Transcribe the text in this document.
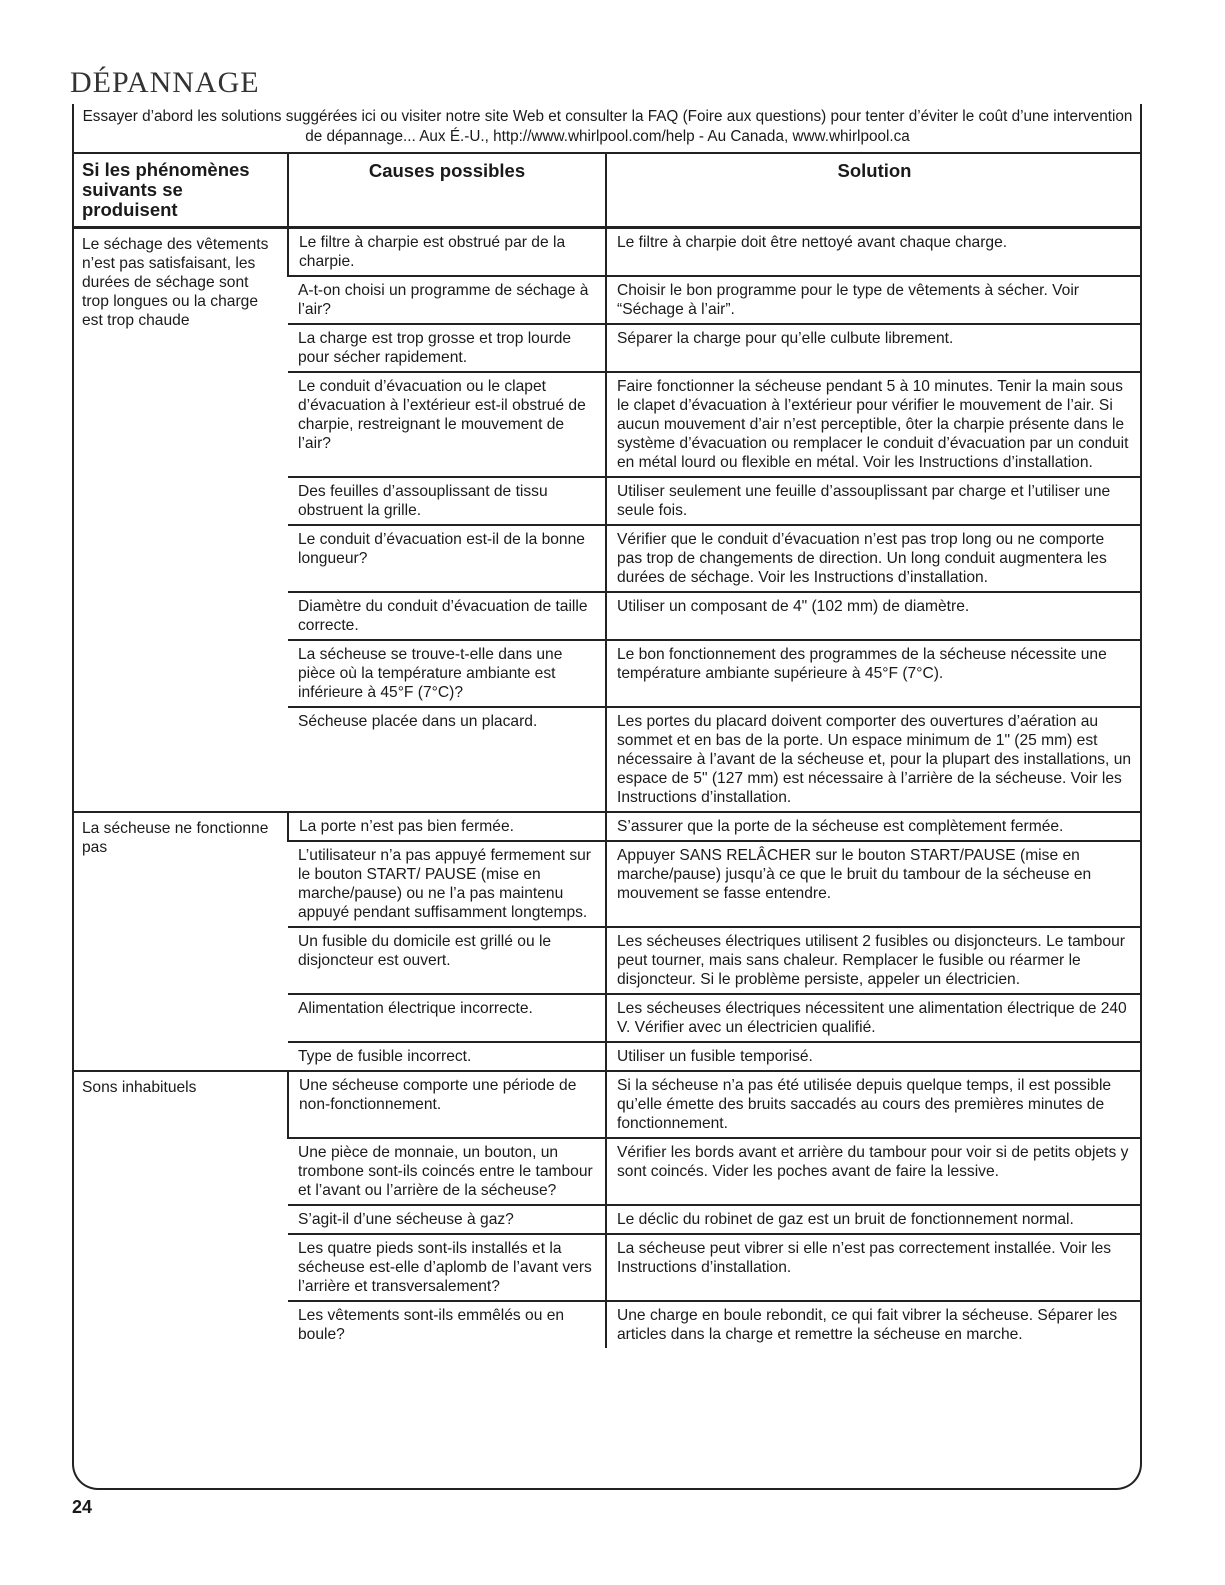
DÉPANNAGE
Essayer d’abord les solutions suggérées ici ou visiter notre site Web et consulter la FAQ (Foire aux questions) pour tenter d’éviter le coût d’une intervention de dépannage... Aux É.-U., http://www.whirlpool.com/help - Au Canada, www.whirlpool.ca
Si les phénomènes suivants se produisent	Causes possibles	Solution
Le séchage des vêtements n’est pas satisfaisant, les durées de séchage sont trop longues ou la charge est trop chaude	Le filtre à charpie est obstrué par de la charpie.	Le filtre à charpie doit être nettoyé avant chaque charge.
	A-t-on choisi un programme de séchage à l’air?	Choisir le bon programme pour le type de vêtements à sécher. Voir “Séchage à l’air”.
	La charge est trop grosse et trop lourde pour sécher rapidement.	Séparer la charge pour qu’elle culbute librement.
	Le conduit d’évacuation ou le clapet d’évacuation à l’extérieur est-il obstrué de charpie, restreignant le mouvement de l’air?	Faire fonctionner la sécheuse pendant 5 à 10 minutes. Tenir la main sous le clapet d’évacuation à l’extérieur pour vérifier le mouvement de l’air. Si aucun mouvement d’air n’est perceptible, ôter la charpie présente dans le système d’évacuation ou remplacer le conduit d’évacuation par un conduit en métal lourd ou flexible en métal. Voir les Instructions d’installation.
	Des feuilles d’assouplissant de tissu obstruent la grille.	Utiliser seulement une feuille d’assouplissant par charge et l’utiliser une seule fois.
	Le conduit d’évacuation est-il de la bonne longueur?	Vérifier que le conduit d’évacuation n’est pas trop long ou ne comporte pas trop de changements de direction. Un long conduit augmentera les durées de séchage. Voir les Instructions d’installation.
	Diamètre du conduit d’évacuation de taille correcte.	Utiliser un composant de 4" (102 mm) de diamètre.
	La sécheuse se trouve-t-elle dans une pièce où la température ambiante est inférieure à 45°F (7°C)?	Le bon fonctionnement des programmes de la sécheuse nécessite une température ambiante supérieure à 45°F (7°C).
	Sécheuse placée dans un placard.	Les portes du placard doivent comporter des ouvertures d’aération au sommet et en bas de la porte. Un espace minimum de 1" (25 mm) est nécessaire à l’avant de la sécheuse et, pour la plupart des installations, un espace de 5" (127 mm) est nécessaire à l’arrière de la sécheuse. Voir les Instructions d’installation.
La sécheuse ne fonctionne pas	La porte n’est pas bien fermée.	S’assurer que la porte de la sécheuse est complètement fermée.
	L’utilisateur n’a pas appuyé fermement sur le bouton START/ PAUSE (mise en marche/pause) ou ne l’a pas maintenu appuyé pendant suffisamment longtemps.	Appuyer SANS RELÂCHER sur le bouton START/PAUSE (mise en marche/pause) jusqu’à ce que le bruit du tambour de la sécheuse en mouvement se fasse entendre.
	Un fusible du domicile est grillé ou le disjoncteur est ouvert.	Les sécheuses électriques utilisent 2 fusibles ou disjoncteurs. Le tambour peut tourner, mais sans chaleur. Remplacer le fusible ou réarmer le disjoncteur. Si le problème persiste, appeler un électricien.
	Alimentation électrique incorrecte.	Les sécheuses électriques nécessitent une alimentation électrique de 240 V. Vérifier avec un électricien qualifié.
	Type de fusible incorrect.	Utiliser un fusible temporisé.
Sons inhabituels	Une sécheuse comporte une période de non-fonctionnement.	Si la sécheuse n’a pas été utilisée depuis quelque temps, il est possible qu’elle émette des bruits saccadés au cours des premières minutes de fonctionnement.
	Une pièce de monnaie, un bouton, un trombone sont-ils coincés entre le tambour et l’avant ou l’arrière de la sécheuse?	Vérifier les bords avant et arrière du tambour pour voir si de petits objets y sont coincés. Vider les poches avant de faire la lessive.
	S’agit-il d’une sécheuse à gaz?	Le déclic du robinet de gaz est un bruit de fonctionnement normal.
	Les quatre pieds sont-ils installés et la sécheuse est-elle d’aplomb de l’avant vers l’arrière et transversalement?	La sécheuse peut vibrer si elle n’est pas correctement installée. Voir les Instructions d’installation.
	Les vêtements sont-ils emmêlés ou en boule?	Une charge en boule rebondit, ce qui fait vibrer la sécheuse. Séparer les articles dans la charge et remettre la sécheuse en marche.
24
